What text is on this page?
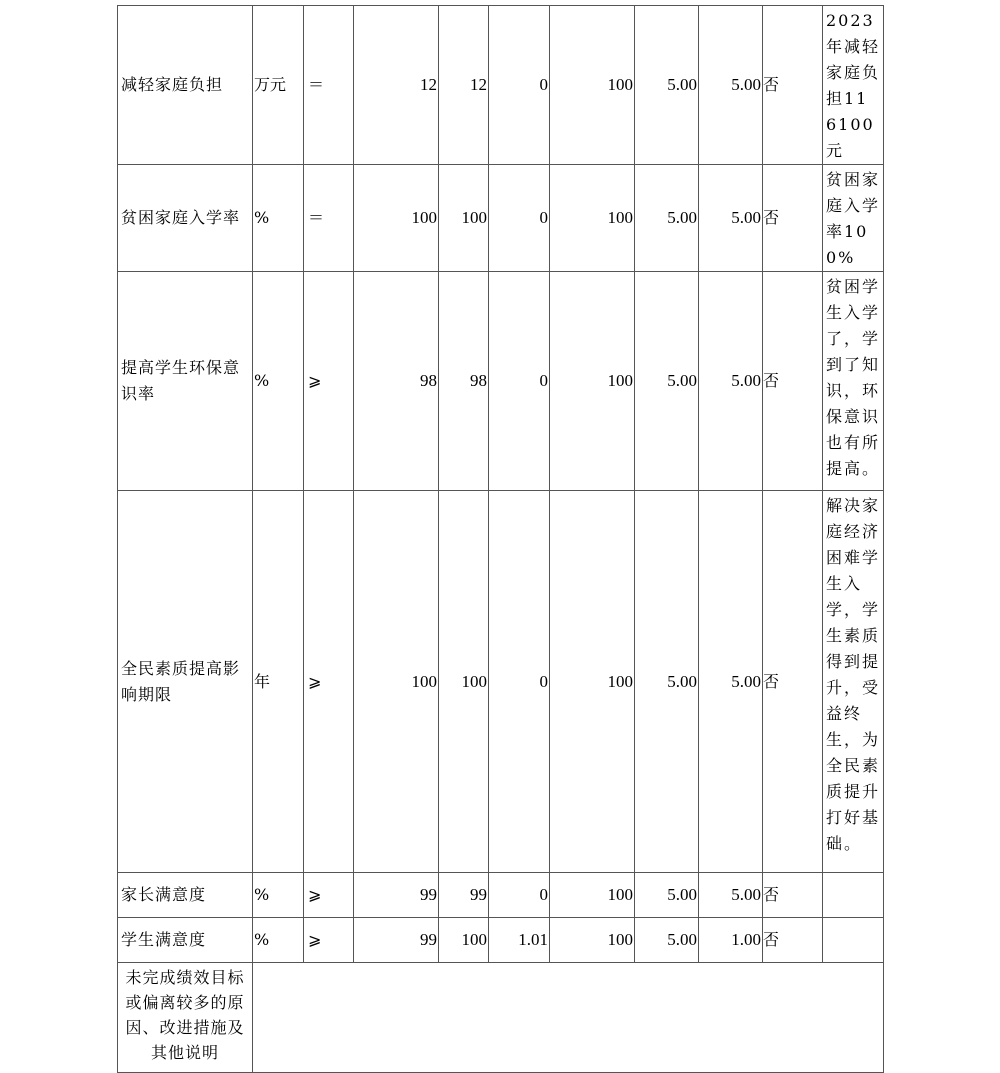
减轻家庭负担	万元	＝	12	12	0	100	5.00	5.00	否	2023年减轻家庭负担116100元
贫困家庭入学率	%	＝	100	100	0	100	5.00	5.00	否	贫困家庭入学率100%
提高学生环保意识率	%	⩾	98	98	0	100	5.00	5.00	否	贫困学生入学了，学到了知识，环保意识也有所提高。
全民素质提高影响期限	年	⩾	100	100	0	100	5.00	5.00	否	解决家庭经济困难学生入学，学生素质得到提升，受益终生，为全民素质提升打好基础。
家长满意度	%	⩾	99	99	0	100	5.00	5.00	否	
学生满意度	%	⩾	99	100	1.01	100	5.00	1.00	否	
未完成绩效目标或偏离较多的原因、改进措施及其他说明										
